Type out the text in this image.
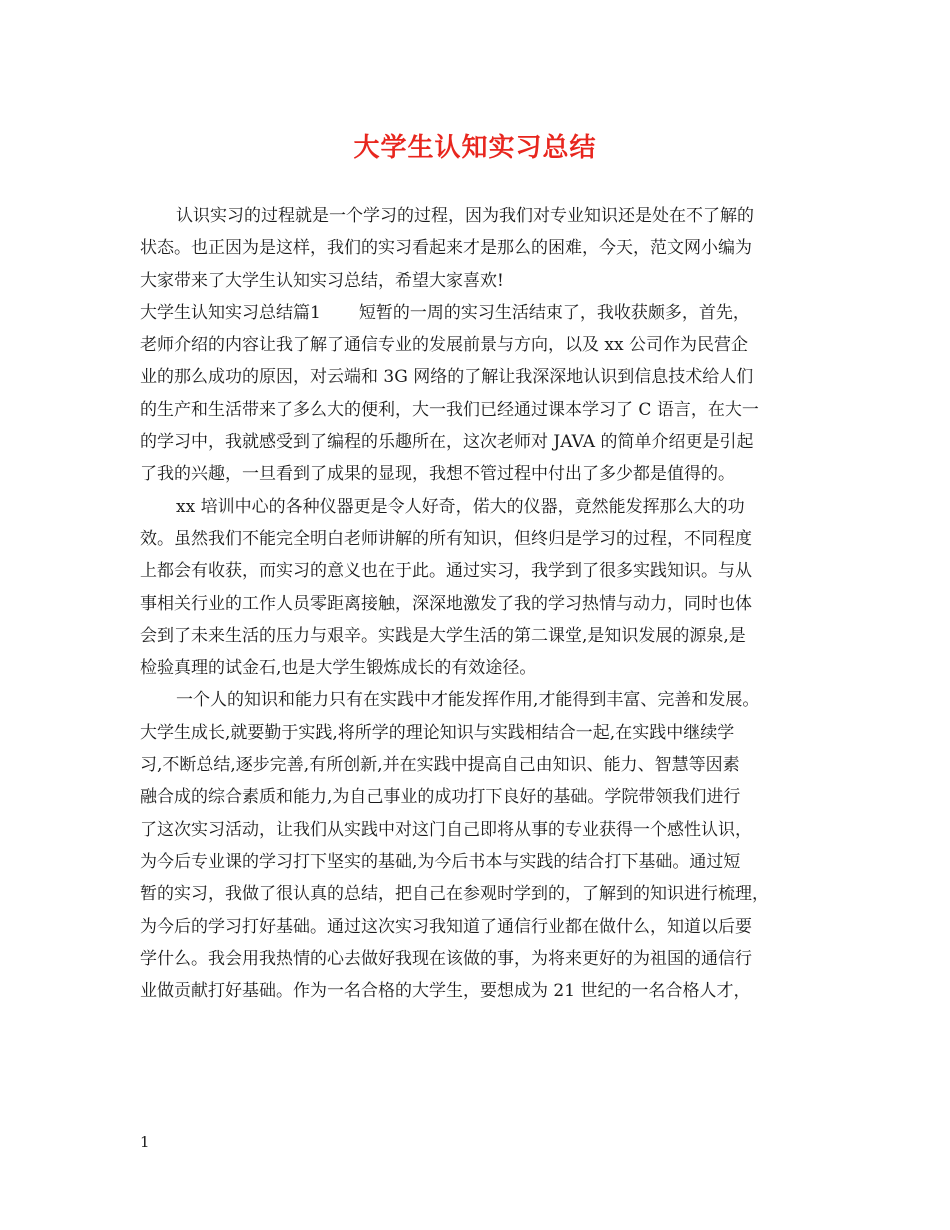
大学生认知实习总结
认识实习的过程就是一个学习的过程，因为我们对专业知识还是处在不了解的
状态。也正因为是这样，我们的实习看起来才是那么的困难，今天，范文网小编为
大家带来了大学生认知实习总结，希望大家喜欢!
大学生认知实习总结篇1 短暂的一周的实习生活结束了，我收获颇多，首先，
老师介绍的内容让我了解了通信专业的发展前景与方向，以及 xx 公司作为民营企
业的那么成功的原因，对云端和 3G 网络的了解让我深深地认识到信息技术给人们
的生产和生活带来了多么大的便利，大一我们已经通过课本学习了 C 语言，在大一
的学习中，我就感受到了编程的乐趣所在，这次老师对 JAVA 的简单介绍更是引起
了我的兴趣，一旦看到了成果的显现，我想不管过程中付出了多少都是值得的。
xx 培训中心的各种仪器更是令人好奇，偌大的仪器，竟然能发挥那么大的功
效。虽然我们不能完全明白老师讲解的所有知识，但终归是学习的过程，不同程度
上都会有收获，而实习的意义也在于此。通过实习，我学到了很多实践知识。与从
事相关行业的工作人员零距离接触，深深地激发了我的学习热情与动力，同时也体
会到了未来生活的压力与艰辛。实践是大学生活的第二课堂,是知识发展的源泉,是
检验真理的试金石,也是大学生锻炼成长的有效途径。
一个人的知识和能力只有在实践中才能发挥作用,才能得到丰富、完善和发展。
大学生成长,就要勤于实践,将所学的理论知识与实践相结合一起,在实践中继续学
习,不断总结,逐步完善,有所创新,并在实践中提高自己由知识、能力、智慧等因素
融合成的综合素质和能力,为自己事业的成功打下良好的基础。学院带领我们进行
了这次实习活动，让我们从实践中对这门自己即将从事的专业获得一个感性认识，
为今后专业课的学习打下坚实的基础,为今后书本与实践的结合打下基础。通过短
暂的实习，我做了很认真的总结，把自己在参观时学到的，了解到的知识进行梳理，
为今后的学习打好基础。通过这次实习我知道了通信行业都在做什么，知道以后要
学什么。我会用我热情的心去做好我现在该做的事，为将来更好的为祖国的通信行
业做贡献打好基础。作为一名合格的大学生，要想成为 21 世纪的一名合格人才，
1
